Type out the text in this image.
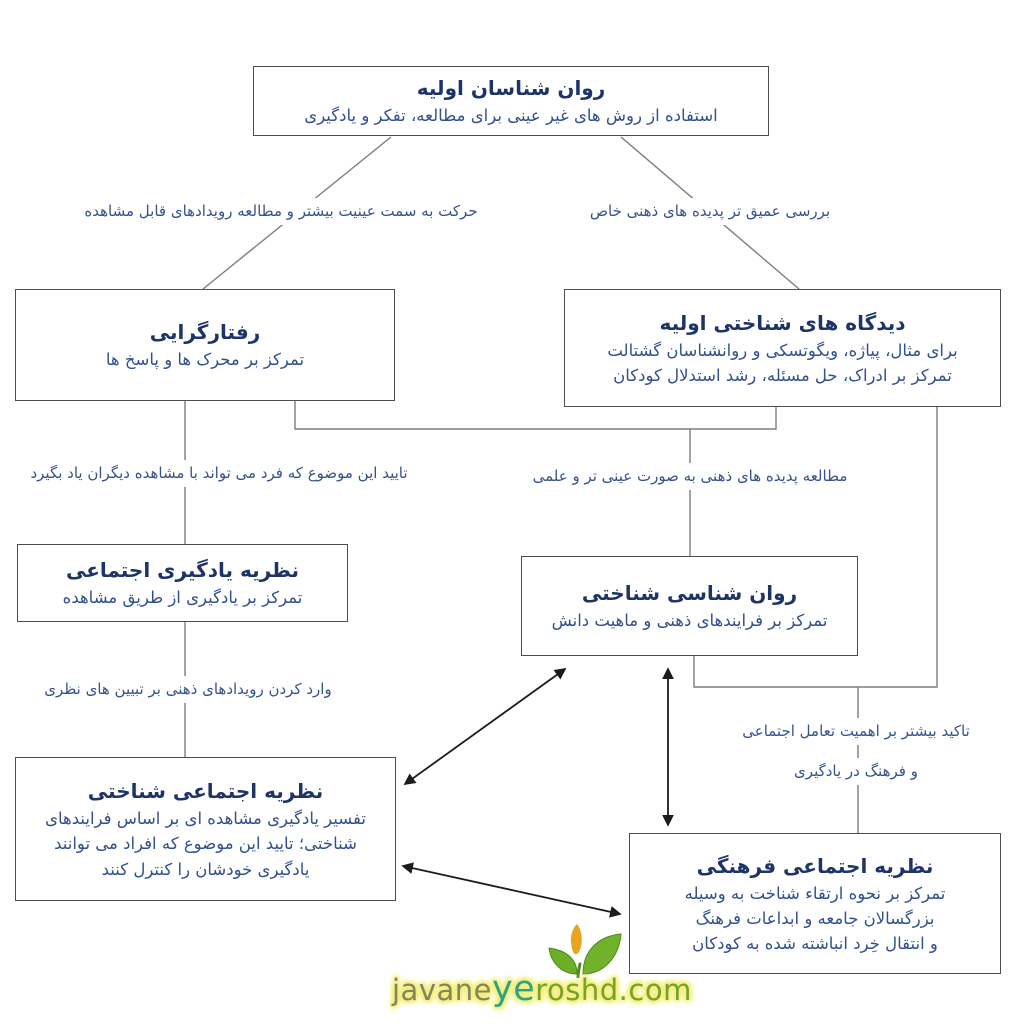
روان شناسان اولیه
استفاده از روش های غیر عینی برای مطالعه، تفکر و یادگیری
رفتارگرایی
تمرکز بر محرک ها و پاسخ ها
دیدگاه های شناختی اولیه
برای مثال، پیاژه، ویگوتسکی و روانشناسان گشتالت
تمرکز بر ادراک، حل مسئله، رشد استدلال کودکان
نظریه یادگیری اجتماعی
تمرکز بر یادگیری از طریق مشاهده	روان شناسی شناختی
تمرکز بر فرایندهای ذهنی و ماهیت دانش
نظریه اجتماعی شناختی
تفسیر یادگیری مشاهده ای بر اساس فرایندهای
شناختی؛ تایید این موضوع که افراد می توانند
یادگیری خودشان را کنترل کنند	نظریه اجتماعی فرهنگی
تمرکز بر نحوه ارتقاء شناخت به وسیله
بزرگسالان جامعه و ابداعات فرهنگ
و انتقال خِرد انباشته شده به کودکان
حرکت به سمت عینیت بیشتر و مطالعه رویدادهای قابل مشاهده	بررسی عمیق تر پدیده های ذهنی خاص
تایید این موضوع که فرد می تواند با مشاهده دیگران یاد بگیرد	مطالعه پدیده های ذهنی به صورت عینی تر و علمی
وارد کردن رویدادهای ذهنی بر تبیین های نظری
تاکید بیشتر بر اهمیت تعامل اجتماعی
و فرهنگ در یادگیری
javaneyeroshd.com
